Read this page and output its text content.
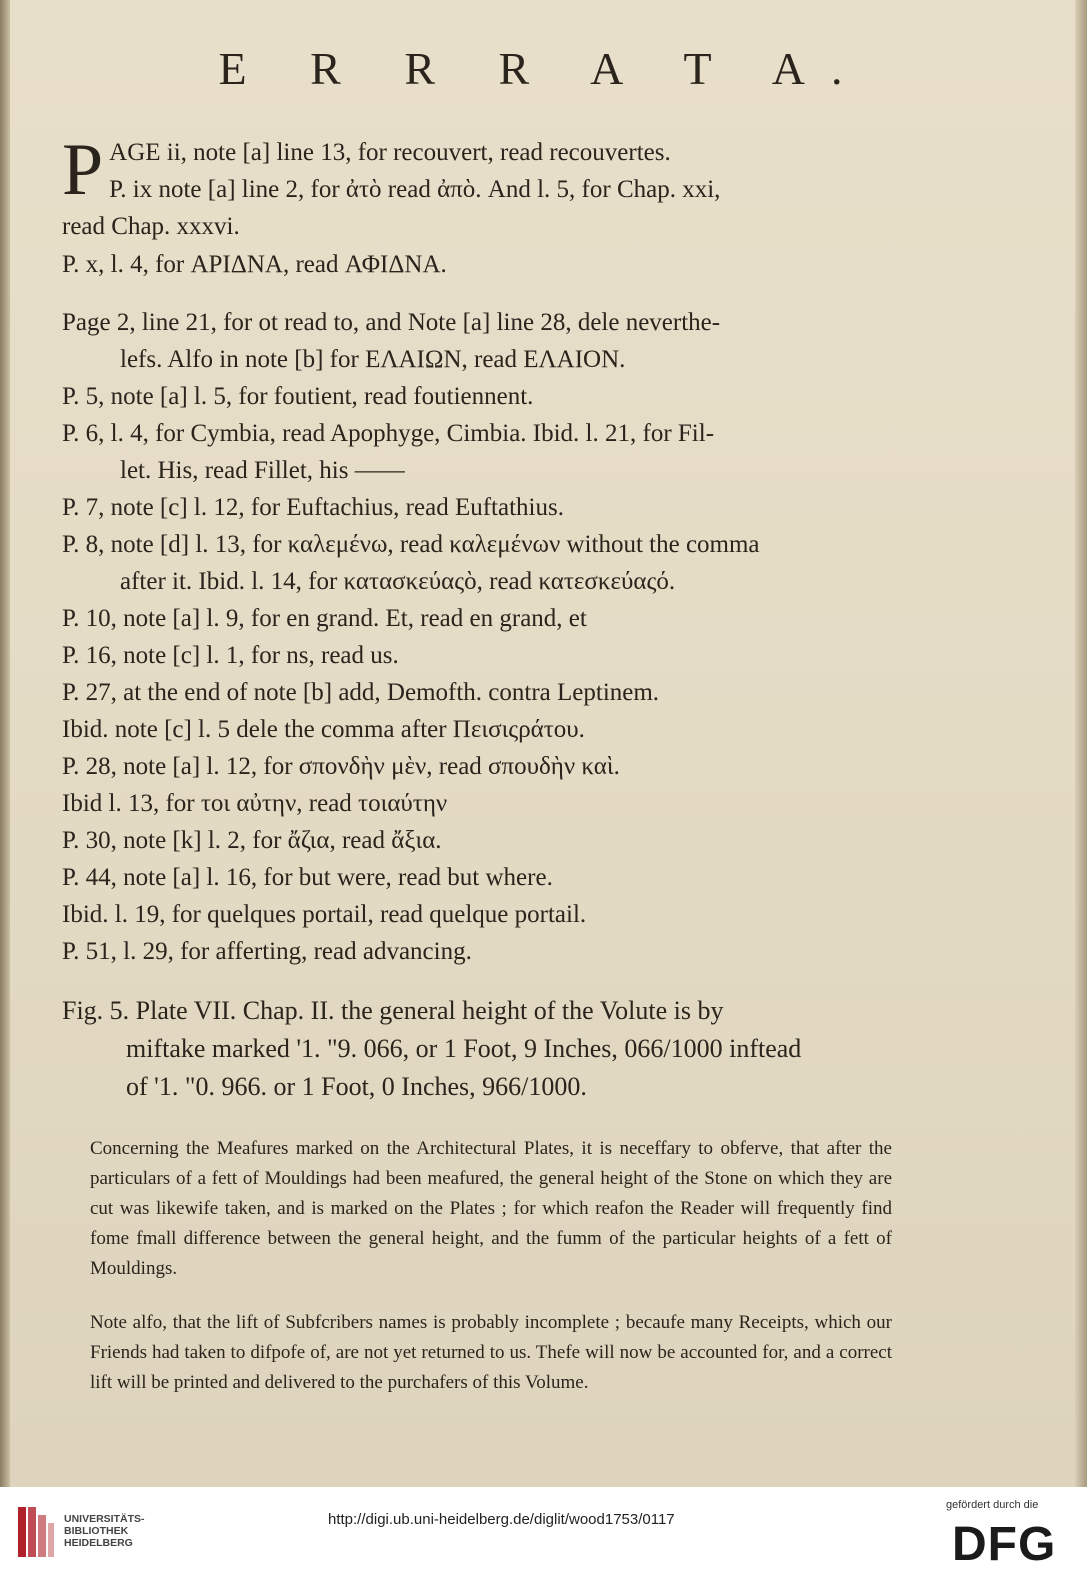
E R R R A T A.

P AGE ii, note [a] line 13, for recouvert, read recouvertes.
P. ix note [a] line 2, for ἀτὸ read ἀπὸ. And l. 5, for Chap. xxi,
read Chap. xxxvi.

P. x, l. 4, for ΑΡΙΔΝΑ, read ΑΦΙΔΝΑ.

Page 2, line 21, for ot read to, and Note [a] line 28, dele neverthe-
lefs. Alfo in note [b] for ΕΛΑΙΩΝ, read ΕΛΑΙΟΝ.

P. 5, note [a] l. 5, for foutient, read foutiennent.

P. 6, l. 4, for Cymbia, read Apophyge, Cimbia. Ibid. l. 21, for Fil-
let. His, read Fillet, his ——

P. 7, note [c] l. 12, for Euftachius, read Euftathius.

P. 8, note [d] l. 13, for καλεμένω, read καλεμένων without the comma
after it. Ibid. l. 14, for κατασκεύαςὸ, read κατεσκεύαςό.

P. 10, note [a] l. 9, for en grand. Et, read en grand, et

P. 16, note [c] l. 1, for ns, read us.

P. 27, at the end of note [b] add, Demofth. contra Leptinem.

Ibid. note [c] l. 5 dele the comma after Πεισιςράτου.

P. 28, note [a] l. 12, for σπονδὴν μὲν, read σπουδὴν καὶ.

Ibid l. 13, for τοι αὐτην, read τοιαύτην

P. 30, note [k] l. 2, for ἄζια, read ἄξια.

P. 44, note [a] l. 16, for but were, read but where.

Ibid. l. 19, for quelques portail, read quelque portail.

P. 51, l. 29, for afferting, read advancing.

Fig. 5. Plate VII. Chap. II. the general height of the Volute is by
miftake marked '1. "9. 066, or 1 Foot, 9 Inches, 066/1000 inftead
of '1. "0. 966. or 1 Foot, 0 Inches, 966/1000.

Concerning the Meafures marked on the Architectural Plates, it is neceffary to obferve, that after the particulars of a fett of Mouldings had been meafured, the general height of the Stone on which they are cut was likewife taken, and is marked on the Plates ; for which reafon the Reader will frequently find fome fmall difference between the general height, and the fumm of the particular heights of a fett of Mouldings.

Note alfo, that the lift of Subfcribers names is probably incomplete ; becaufe many Receipts, which our Friends had taken to difpofe of, are not yet returned to us. Thefe will now be accounted for, and a correct lift will be printed and delivered to the purchafers of this Volume.

UNIVERSITÄTS-
BIBLIOTHEK
HEIDELBERG
http://digi.ub.uni-heidelberg.de/diglit/wood1753/0117
gefördert durch die
DFG
